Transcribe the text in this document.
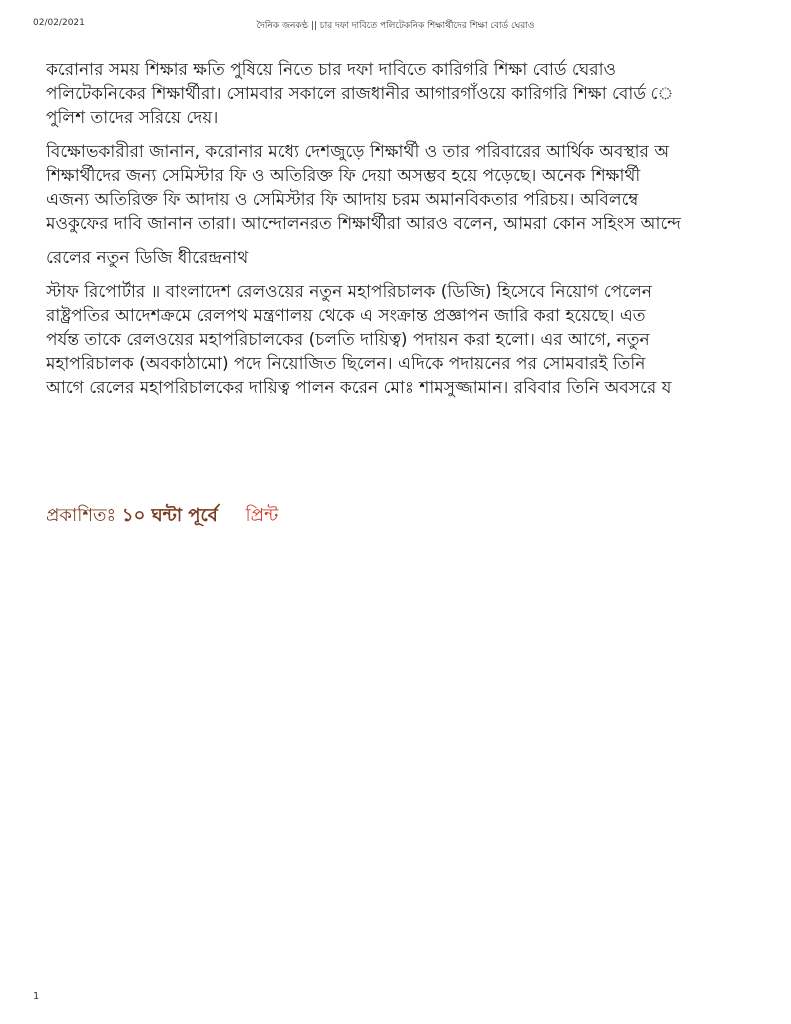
02/02/2021	দৈনিক জনকণ্ঠ || চার দফা দাবিতে পলিটেকনিক শিক্ষার্থীদের শিক্ষা বোর্ড ঘেরাও

করোনার সময় শিক্ষার ক্ষতি পুষিয়ে নিতে চার দফা দাবিতে কারিগরি শিক্ষা বোর্ড ঘেরাও
পলিটেকনিকের শিক্ষার্থীরা। সোমবার সকালে রাজধানীর আগারগাঁওয়ে কারিগরি শিক্ষা বোর্ড ে
পুলিশ তাদের সরিয়ে দেয়।

বিক্ষোভকারীরা জানান, করোনার মধ্যে দেশজুড়ে শিক্ষার্থী ও তার পরিবারের আর্থিক অবস্থার অ
শিক্ষার্থীদের জন্য সেমিস্টার ফি ও অতিরিক্ত ফি দেয়া অসম্ভব হয়ে পড়েছে। অনেক শিক্ষার্থী
এজন্য অতিরিক্ত ফি আদায় ও সেমিস্টার ফি আদায় চরম অমানবিকতার পরিচয়। অবিলম্বে
মওকুফের দাবি জানান তারা। আন্দোলনরত শিক্ষার্থীরা আরও বলেন, আমরা কোন সহিংস আন্দে

রেলের নতুন ডিজি ধীরেন্দ্রনাথ

স্টাফ রিপোর্টার ॥ বাংলাদেশ রেলওয়ের নতুন মহাপরিচালক (ডিজি) হিসেবে নিয়োগ পেলেন
রাষ্ট্রপতির আদেশক্রমে রেলপথ মন্ত্রণালয় থেকে এ সংক্রান্ত প্রজ্ঞাপন জারি করা হয়েছে। এত
পর্যন্ত তাকে রেলওয়ের মহাপরিচালকের (চলতি দায়িত্ব) পদায়ন করা হলো। এর আগে, নতুন
মহাপরিচালক (অবকাঠামো) পদে নিয়োজিত ছিলেন। এদিকে পদায়নের পর সোমবারই তিনি
আগে রেলের মহাপরিচালকের দায়িত্ব পালন করেন মোঃ শামসুজ্জামান। রবিবার তিনি অবসরে য

প্রকাশিতঃ ১০ ঘন্টা পূর্বে প্রিন্ট
1
